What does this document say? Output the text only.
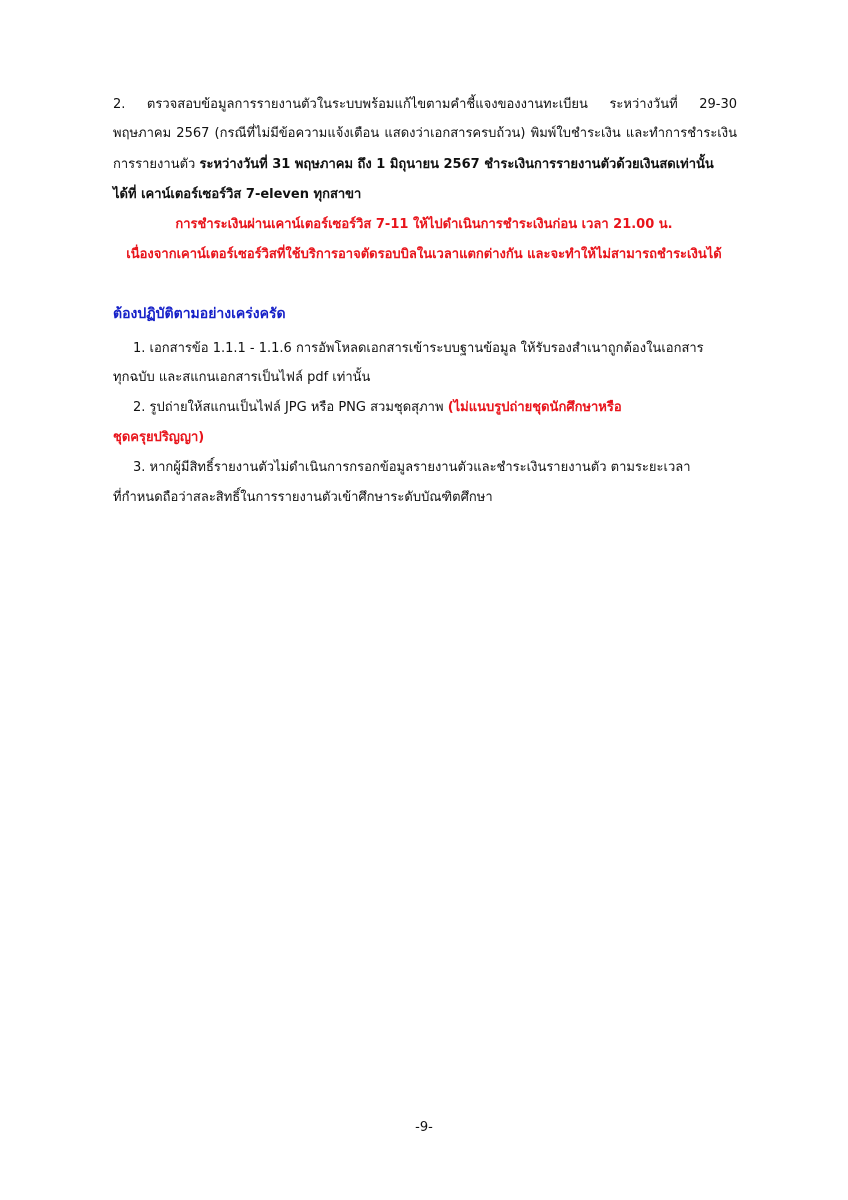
2. ตรวจสอบข้อมูลการรายงานตัวในระบบพร้อมแก้ไขตามคำชี้แจงของงานทะเบียน ระหว่างวันที่ 29-30
พฤษภาคม 2567 (กรณีที่ไม่มีข้อความแจ้งเตือน แสดงว่าเอกสารครบถ้วน) พิมพ์ใบชำระเงิน และทำการชำระเงิน
การรายงานตัว ระหว่างวันที่ 31 พฤษภาคม ถึง 1 มิถุนายน 2567 ชำระเงินการรายงานตัวด้วยเงินสดเท่านั้น
ได้ที่ เคาน์เตอร์เซอร์วิส 7-eleven ทุกสาขา
การชำระเงินผ่านเคาน์เตอร์เซอร์วิส 7-11 ให้ไปดำเนินการชำระเงินก่อน เวลา 21.00 น.
เนื่องจากเคาน์เตอร์เซอร์วิสที่ใช้บริการอาจตัดรอบบิลในเวลาแตกต่างกัน และจะทำให้ไม่สามารถชำระเงินได้
ต้องปฏิบัติตามอย่างเคร่งครัด
1. เอกสารข้อ 1.1.1 - 1.1.6 การอัพโหลดเอกสารเข้าระบบฐานข้อมูล ให้รับรองสำเนาถูกต้องในเอกสาร
ทุกฉบับ และสแกนเอกสารเป็นไฟล์ pdf เท่านั้น
2. รูปถ่ายให้สแกนเป็นไฟล์ JPG หรือ PNG สวมชุดสุภาพ (ไม่แนบรูปถ่ายชุดนักศึกษาหรือ
ชุดครุยปริญญา)
3. หากผู้มีสิทธิ์รายงานตัวไม่ดำเนินการกรอกข้อมูลรายงานตัวและชำระเงินรายงานตัว ตามระยะเวลา
ที่กำหนดถือว่าสละสิทธิ์ในการรายงานตัวเข้าศึกษาระดับบัณฑิตศึกษา
-9-
